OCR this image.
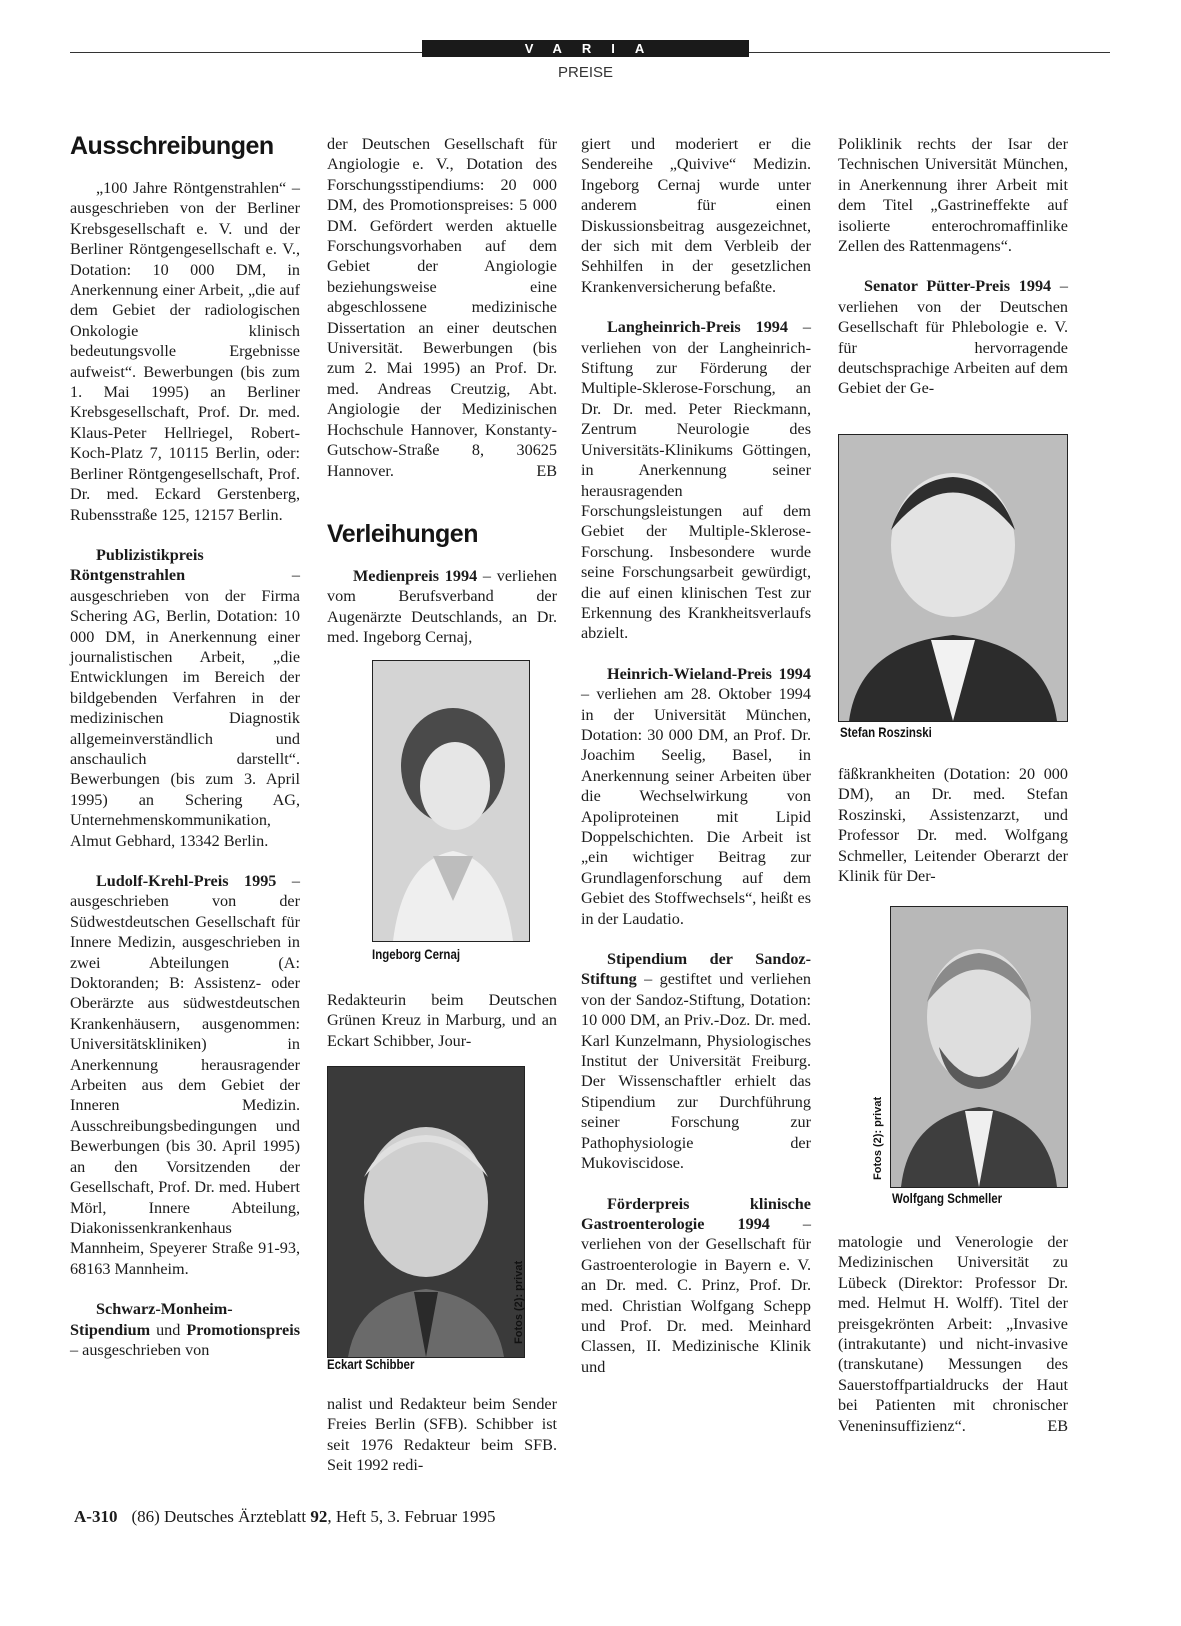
VARIA
PREISE
Ausschreibungen

„100 Jahre Röntgenstrahlen“ – ausgeschrieben von der Berliner Krebsgesellschaft e. V. und der Berliner Röntgengesellschaft e. V., Dotation: 10 000 DM, in Anerkennung einer Arbeit, „die auf dem Gebiet der radiologischen Onkologie klinisch bedeutungsvolle Ergebnisse aufweist“. Bewerbungen (bis zum 1. Mai 1995) an Berliner Krebsgesellschaft, Prof. Dr. med. Klaus-Peter Hellriegel, Robert-Koch-Platz 7, 10115 Berlin, oder: Berliner Röntgengesellschaft, Prof. Dr. med. Eckard Gerstenberg, Rubensstraße 125, 12157 Berlin.

Publizistikpreis Röntgenstrahlen – ausgeschrieben von der Firma Schering AG, Berlin, Dotation: 10 000 DM, in Anerkennung einer journalistischen Arbeit, „die Entwicklungen im Bereich der bildgebenden Verfahren in der medizinischen Diagnostik allgemeinverständlich und anschaulich darstellt“. Bewerbungen (bis zum 3. April 1995) an Schering AG, Unternehmenskommunikation, Almut Gebhard, 13342 Berlin.

Ludolf-Krehl-Preis 1995 – ausgeschrieben von der Südwestdeutschen Gesellschaft für Innere Medizin, ausgeschrieben in zwei Abteilungen (A: Doktoranden; B: Assistenz- oder Oberärzte aus südwestdeutschen Krankenhäusern, ausgenommen: Universitätskliniken) in Anerkennung herausragender Arbeiten aus dem Gebiet der Inneren Medizin. Ausschreibungsbedingungen und Bewerbungen (bis 30. April 1995) an den Vorsitzenden der Gesellschaft, Prof. Dr. med. Hubert Mörl, Innere Abteilung, Diakonissenkrankenhaus Mannheim, Speyerer Straße 91-93, 68163 Mannheim.

Schwarz-Monheim-Stipendium und Promotionspreis – ausgeschrieben von

der Deutschen Gesellschaft für Angiologie e. V., Dotation des Forschungsstipendiums: 20 000 DM, des Promotionspreises: 5 000 DM. Gefördert werden aktuelle Forschungsvorhaben auf dem Gebiet der Angiologie beziehungsweise eine abgeschlossene medizinische Dissertation an einer deutschen Universität. Bewerbungen (bis zum 2. Mai 1995) an Prof. Dr. med. Andreas Creutzig, Abt. Angiologie der Medizinischen Hochschule Hannover, Konstanty-Gutschow-Straße 8, 30625 Hannover.	EB

Verleihungen

Medienpreis 1994 – verliehen vom Berufsverband der Augenärzte Deutschlands, an Dr. med. Ingeborg Cernaj,

Ingeborg Cernaj

Redakteurin beim Deutschen Grünen Kreuz in Marburg, und an Eckart Schibber, Jour-

Eckart Schibber
Fotos (2): privat

nalist und Redakteur beim Sender Freies Berlin (SFB). Schibber ist seit 1976 Redakteur beim SFB. Seit 1992 redi-

giert und moderiert er die Sendereihe „Quivive“ Medizin. Ingeborg Cernaj wurde unter anderem für einen Diskussionsbeitrag ausgezeichnet, der sich mit dem Verbleib der Sehhilfen in der gesetzlichen Krankenversicherung befaßte.

Langheinrich-Preis 1994 – verliehen von der Langheinrich-Stiftung zur Förderung der Multiple-Sklerose-Forschung, an Dr. Dr. med. Peter Rieckmann, Zentrum Neurologie des Universitäts-Klinikums Göttingen, in Anerkennung seiner herausragenden Forschungsleistungen auf dem Gebiet der Multiple-Sklerose-Forschung. Insbesondere wurde seine Forschungsarbeit gewürdigt, die auf einen klinischen Test zur Erkennung des Krankheitsverlaufs abzielt.

Heinrich-Wieland-Preis 1994 – verliehen am 28. Oktober 1994 in der Universität München, Dotation: 30 000 DM, an Prof. Dr. Joachim Seelig, Basel, in Anerkennung seiner Arbeiten über die Wechselwirkung von Apoliproteinen mit Lipid Doppelschichten. Die Arbeit ist „ein wichtiger Beitrag zur Grundlagenforschung auf dem Gebiet des Stoffwechsels“, heißt es in der Laudatio.

Stipendium der Sandoz-Stiftung – gestiftet und verliehen von der Sandoz-Stiftung, Dotation: 10 000 DM, an Priv.-Doz. Dr. med. Karl Kunzelmann, Physiologisches Institut der Universität Freiburg. Der Wissenschaftler erhielt das Stipendium zur Durchführung seiner Forschung zur Pathophysiologie der Mukoviscidose.

Förderpreis klinische Gastroenterologie 1994 – verliehen von der Gesellschaft für Gastroenterologie in Bayern e. V. an Dr. med. C. Prinz, Prof. Dr. med. Christian Wolfgang Schepp und Prof. Dr. med. Meinhard Classen, II. Medizinische Klinik und

Poliklinik rechts der Isar der Technischen Universität München, in Anerkennung ihrer Arbeit mit dem Titel „Gastrineffekte auf isolierte enterochromaffinlike Zellen des Rattenmagens“.

Senator Pütter-Preis 1994 – verliehen von der Deutschen Gesellschaft für Phlebologie e. V. für hervorragende deutschsprachige Arbeiten auf dem Gebiet der Ge-

Stefan Roszinski

fäßkrankheiten (Dotation: 20 000 DM), an Dr. med. Stefan Roszinski, Assistenzarzt, und Professor Dr. med. Wolfgang Schmeller, Leitender Oberarzt der Klinik für Der-

Fotos (2): privat
Wolfgang Schmeller

matologie und Venerologie der Medizinischen Universität zu Lübeck (Direktor: Professor Dr. med. Helmut H. Wolff). Titel der preisgekrönten Arbeit: „Invasive (intrakutante) und nicht-invasive (transkutane) Messungen des Sauerstoffpartialdrucks der Haut bei Patienten mit chronischer Veneninsuffizienz“.	EB

A-310 (86) Deutsches Ärzteblatt 92, Heft 5, 3. Februar 1995
